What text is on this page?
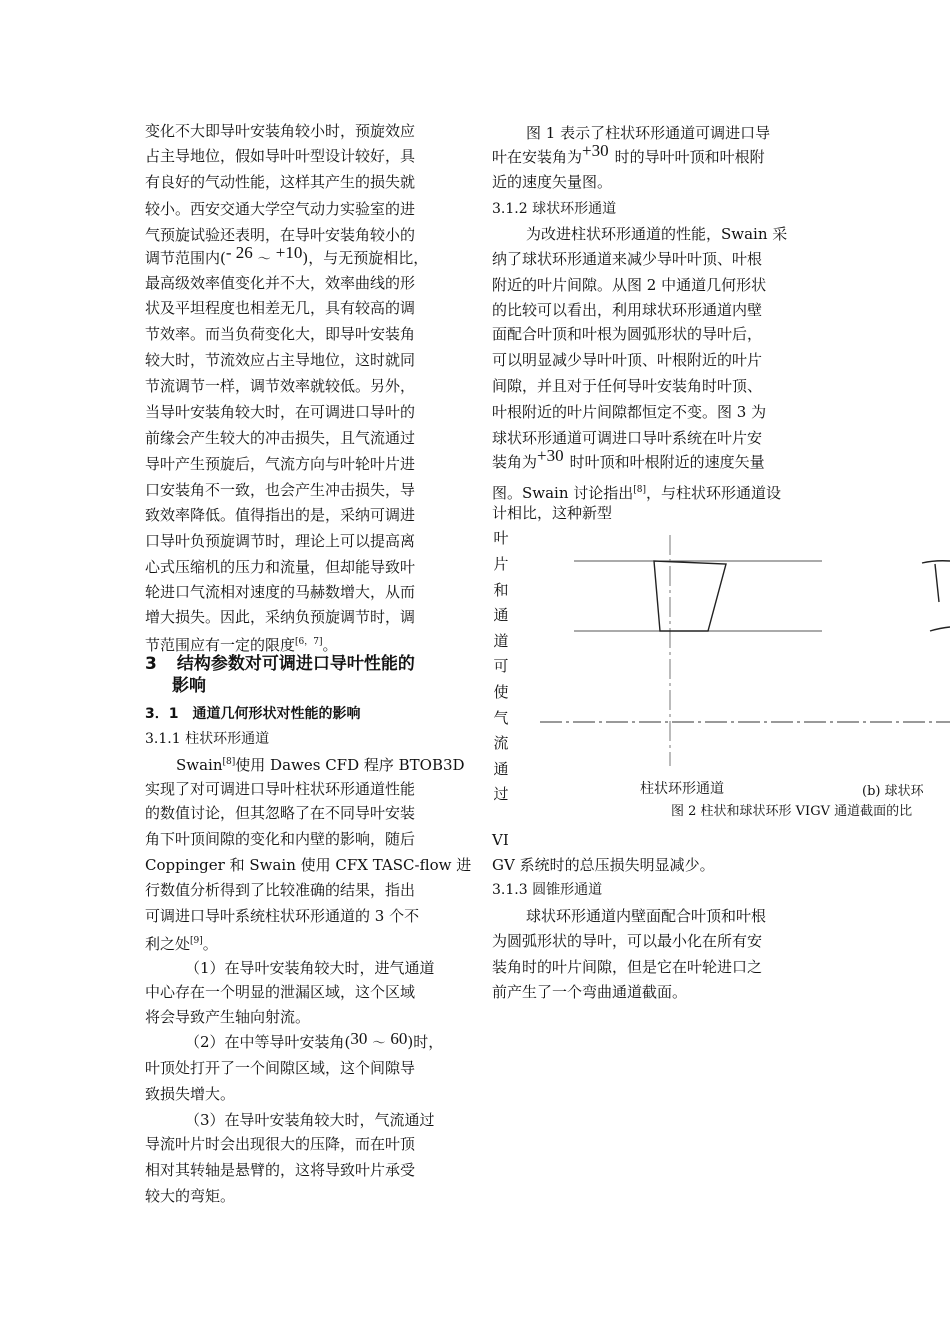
变化不大即导叶安装角较小时，预旋效应
占主导地位，假如导叶叶型设计较好，具
有良好的气动性能，这样其产生的损失就
较小。西安交通大学空气动力实验室的进
气预旋试验还表明，在导叶安装角较小的
调节范围内(- 26 ～ +10)，与无预旋相比，
最高级效率值变化并不大，效率曲线的形
状及平坦程度也相差无几，具有较高的调
节效率。而当负荷变化大，即导叶安装角
较大时，节流效应占主导地位，这时就同
节流调节一样，调节效率就较低。另外，
当导叶安装角较大时，在可调进口导叶的
前缘会产生较大的冲击损失，且气流通过
导叶产生预旋后，气流方向与叶轮叶片进
口安装角不一致，也会产生冲击损失，导
致效率降低。值得指出的是，采纳可调进
口导叶负预旋调节时，理论上可以提高离
心式压缩机的压力和流量，但却能导致叶
轮进口气流相对速度的马赫数增大，从而
增大损失。因此，采纳负预旋调节时，调
节范围应有一定的限度[6，7]。
3 结构参数对可调进口导叶性能的
影响
3．1　通道几何形状对性能的影响
3.1.1 柱状环形通道
Swain[8]使用 Dawes CFD 程序 BTOB3D
实现了对可调进口导叶柱状环形通道性能
的数值讨论，但其忽略了在不同导叶安装
角下叶顶间隙的变化和内壁的影响，随后
Coppinger 和 Swain 使用 CFX TASC-flow 进
行数值分析得到了比较准确的结果，指出
可调进口导叶系统柱状环形通道的 3 个不
利之处[9]。
（1）在导叶安装角较大时，进气通道
中心存在一个明显的泄漏区域，这个区域
将会导致产生轴向射流。
（2）在中等导叶安装角(30 ～ 60)时，
叶顶处打开了一个间隙区域，这个间隙导
致损失增大。
（3）在导叶安装角较大时，气流通过
导流叶片时会出现很大的压降，而在叶顶
相对其转轴是悬臂的，这将导致叶片承受
较大的弯矩。
图 1 表示了柱状环形通道可调进口导
叶在安装角为+30 时的导叶叶顶和叶根附
近的速度矢量图。
3.1.2 球状环形通道
为改进柱状环形通道的性能，Swain 采
纳了球状环形通道来减少导叶叶顶、叶根
附近的叶片间隙。从图 2 中通道几何形状
的比较可以看出，利用球状环形通道内壁
面配合叶顶和叶根为圆弧形状的导叶后，
可以明显减少导叶叶顶、叶根附近的叶片
间隙，并且对于任何导叶安装角时叶顶、
叶根附近的叶片间隙都恒定不变。图 3 为
球状环形通道可调进口导叶系统在叶片安
装角为+30 时叶顶和叶根附近的速度矢量
图。Swain 讨论指出[8]，与柱状环形通道设
计相比，这种新型
叶
片
和
通
道
可
使
气
流
通
过	柱状环形通道	(b) 球状环
图 2 柱状和球状环形 VIGV 通道截面的比
VI
GV 系统时的总压损失明显减少。
3.1.3 圆锥形通道
球状环形通道内壁面配合叶顶和叶根
为圆弧形状的导叶，可以最小化在所有安
装角时的叶片间隙，但是它在叶轮进口之
前产生了一个弯曲通道截面。
